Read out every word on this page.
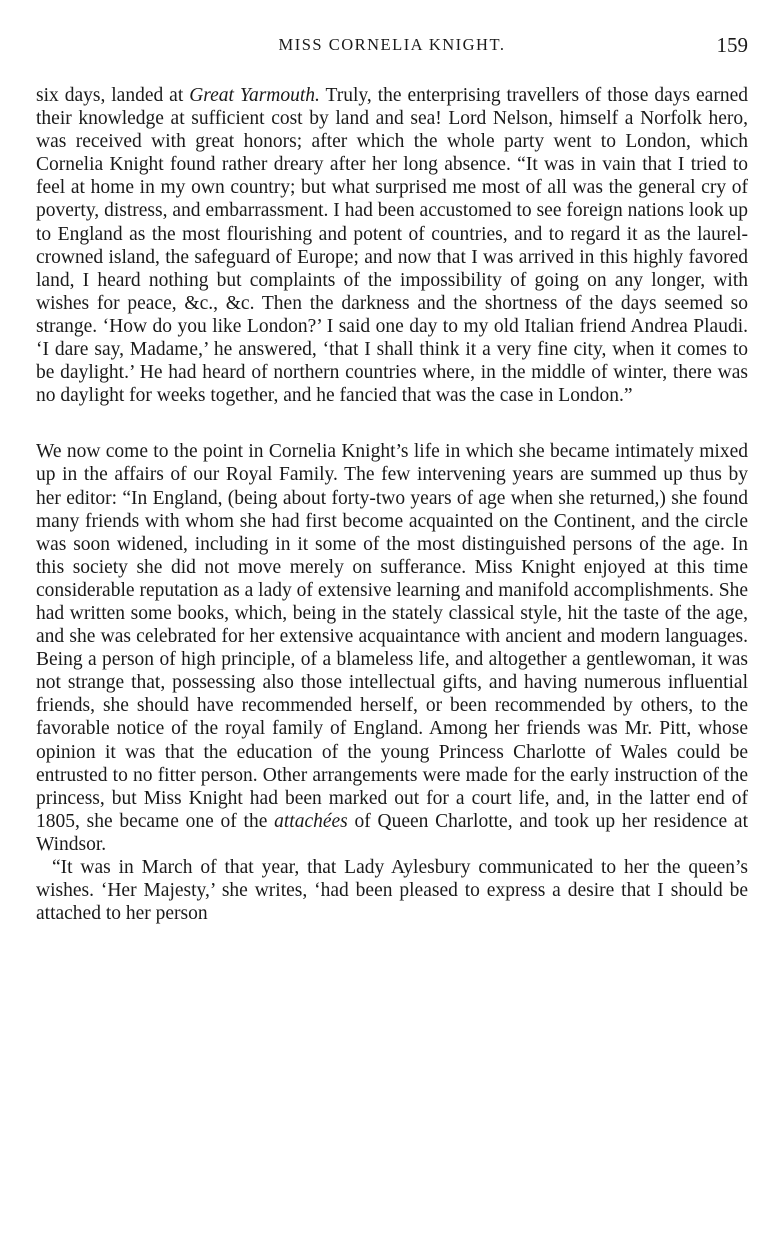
MISS CORNELIA KNIGHT.	159

six days, landed at Great Yarmouth. Truly, the enterprising travellers of those days earned their knowledge at sufficient cost by land and sea! Lord Nelson, himself a Norfolk hero, was received with great honors; after which the whole party went to London, which Cornelia Knight found rather dreary after her long absence. “It was in vain that I tried to feel at home in my own country; but what surprised me most of all was the general cry of poverty, distress, and embarrassment. I had been accustomed to see foreign nations look up to England as the most flourishing and potent of countries, and to regard it as the laurel-crowned island, the safeguard of Europe; and now that I was arrived in this highly favored land, I heard nothing but complaints of the impossibility of going on any longer, with wishes for peace, &c., &c. Then the darkness and the shortness of the days seemed so strange. ‘How do you like London?’ I said one day to my old Italian friend Andrea Plaudi. ‘I dare say, Madame,’ he answered, ‘that I shall think it a very fine city, when it comes to be daylight.’ He had heard of northern countries where, in the middle of winter, there was no daylight for weeks together, and he fancied that was the case in London.”

We now come to the point in Cornelia Knight’s life in which she became intimately mixed up in the affairs of our Royal Family. The few intervening years are summed up thus by her editor: “In England, (being about forty-two years of age when she returned,) she found many friends with whom she had first become acquainted on the Continent, and the circle was soon widened, including in it some of the most distinguished persons of the age. In this society she did not move merely on sufferance. Miss Knight enjoyed at this time considerable reputation as a lady of extensive learning and manifold accomplishments. She had written some books, which, being in the stately classical style, hit the taste of the age, and she was celebrated for her extensive acquaintance with ancient and modern languages. Being a person of high principle, of a blameless life, and altogether a gentlewoman, it was not strange that, possessing also those intellectual gifts, and having numerous influential friends, she should have recommended herself, or been recommended by others, to the favorable notice of the royal family of England. Among her friends was Mr. Pitt, whose opinion it was that the education of the young Princess Charlotte of Wales could be entrusted to no fitter person. Other arrangements were made for the early instruction of the princess, but Miss Knight had been marked out for a court life, and, in the latter end of 1805, she became one of the attachées of Queen Charlotte, and took up her residence at Windsor.

“It was in March of that year, that Lady Aylesbury communicated to her the queen’s wishes. ‘Her Majesty,’ she writes, ‘had been pleased to express a desire that I should be attached to her person
